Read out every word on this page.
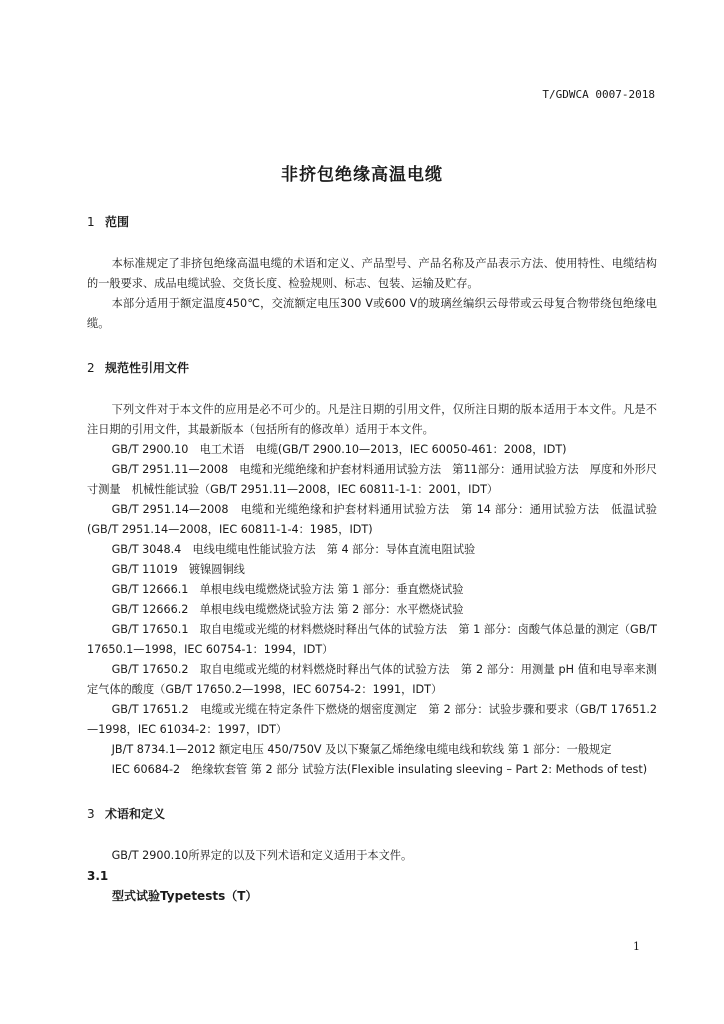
T/GDWCA 0007-2018
非挤包绝缘高温电缆
1 范围

本标准规定了非挤包绝缘高温电缆的术语和定义、产品型号、产品名称及产品表示方法、使用特性、电缆结构的一般要求、成品电缆试验、交货长度、检验规则、标志、包装、运输及贮存。

本部分适用于额定温度450℃，交流额定电压300 V或600 V的玻璃丝编织云母带或云母复合物带绕包绝缘电缆。

2 规范性引用文件

下列文件对于本文件的应用是必不可少的。凡是注日期的引用文件，仅所注日期的版本适用于本文件。凡是不注日期的引用文件，其最新版本（包括所有的修改单）适用于本文件。

GB/T 2900.10　电工术语　电缆(GB/T 2900.10—2013，IEC 60050-461：2008，IDT)

GB/T 2951.11—2008　电缆和光缆绝缘和护套材料通用试验方法　第11部分：通用试验方法　厚度和外形尺寸测量　机械性能试验（GB/T 2951.11—2008，IEC 60811-1-1：2001，IDT）

GB/T 2951.14—2008　电缆和光缆绝缘和护套材料通用试验方法　第 14 部分：通用试验方法　低温试验(GB/T 2951.14—2008，IEC 60811-1-4：1985，IDT)

GB/T 3048.4　电线电缆电性能试验方法　第 4 部分：导体直流电阻试验

GB/T 11019　镀镍圆铜线

GB/T 12666.1　单根电线电缆燃烧试验方法 第 1 部分：垂直燃烧试验

GB/T 12666.2　单根电线电缆燃烧试验方法 第 2 部分：水平燃烧试验

GB/T 17650.1　取自电缆或光缆的材料燃烧时释出气体的试验方法　第 1 部分：卤酸气体总量的测定（GB/T 17650.1—1998，IEC 60754-1：1994，IDT）

GB/T 17650.2　取自电缆或光缆的材料燃烧时释出气体的试验方法　第 2 部分：用测量 pH 值和电导率来测定气体的酸度（GB/T 17650.2—1998，IEC 60754-2：1991，IDT）

GB/T 17651.2　电缆或光缆在特定条件下燃烧的烟密度测定　第 2 部分：试验步骤和要求（GB/T 17651.2—1998，IEC 61034-2：1997，IDT）

JB/T 8734.1—2012 额定电压 450/750V 及以下聚氯乙烯绝缘电缆电线和软线 第 1 部分：一般规定

IEC 60684-2　绝缘软套管 第 2 部分 试验方法(Flexible insulating sleeving – Part 2: Methods of test)

3 术语和定义

GB/T 2900.10所界定的以及下列术语和定义适用于本文件。

3.1
型式试验Typetests（T）
1
